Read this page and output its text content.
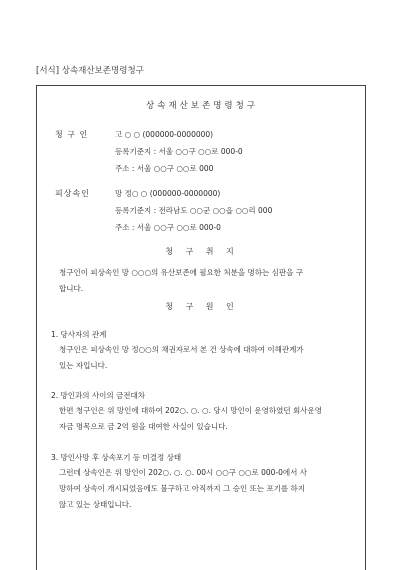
[서식] 상속재산보존명령청구
상속재산보존명령청구
청 구 인	고 ○ ○ (000000-0000000)
등록기준지 : 서울 ○○구 ○○로 000-0
주소 : 서울 ○○구 ○○로 000
피상속인	망 정○ ○ (000000-0000000)
등록기준지 : 전라남도 ○○군 ○○읍 ○○리 000
주소 : 서울 ○○구 ○○로 000-0
청 구 취 지
청구인이 피상속인 망 ○○○의 유산보존에 필요한 처분을 명하는 심판을 구
합니다.
청 구 원 인
1. 당사자의 관계
청구인은 피상속인 망 정○○의 채권자로서 본 건 상속에 대하여 이해관계가
있는 자입니다.
2. 망인과의 사이의 금전대차
한편 청구인은 위 망인에 대하여 202○. ○. ○. 당시 망인이 운영하였던 회사운영
자금 명목으로 금 2억 원을 대여한 사실이 있습니다.
3. 망인사망 후 상속포기 등 미결정 상태
그런데 상속인은 위 망인이 202○. ○. ○. 00시 ○○구 ○○로 000-0에서 사
망하여 상속이 개시되었음에도 불구하고 아직까지 그 승인 또는 포기를 하지
않고 있는 상태입니다.
